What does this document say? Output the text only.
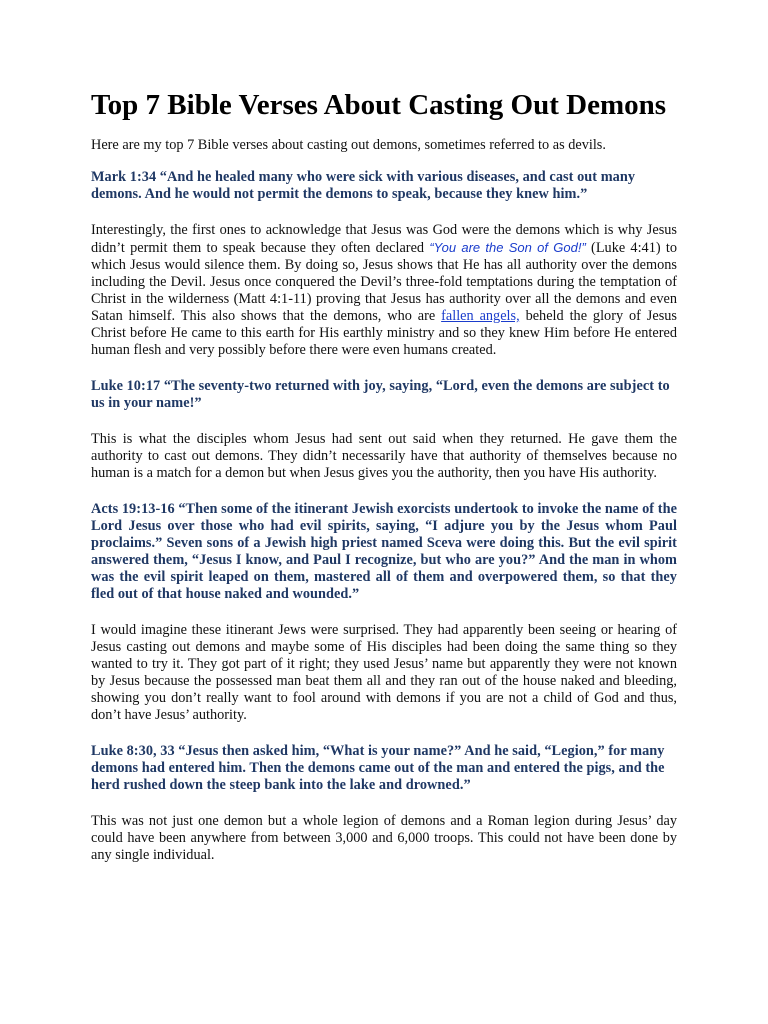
Top 7 Bible Verses About Casting Out Demons

Here are my top 7 Bible verses about casting out demons, sometimes referred to as devils.

Mark 1:34 “And he healed many who were sick with various diseases, and cast out many demons. And he would not permit the demons to speak, because they knew him.”

Interestingly, the first ones to acknowledge that Jesus was God were the demons which is why Jesus didn’t permit them to speak because they often declared “You are the Son of God!” (Luke 4:41) to which Jesus would silence them. By doing so, Jesus shows that He has all authority over the demons including the Devil. Jesus once conquered the Devil’s three-fold temptations during the temptation of Christ in the wilderness (Matt 4:1-11) proving that Jesus has authority over all the demons and even Satan himself. This also shows that the demons, who are fallen angels, beheld the glory of Jesus Christ before He came to this earth for His earthly ministry and so they knew Him before He entered human flesh and very possibly before there were even humans created.

Luke 10:17 “The seventy-two returned with joy, saying, “Lord, even the demons are subject to us in your name!”

This is what the disciples whom Jesus had sent out said when they returned. He gave them the authority to cast out demons. They didn’t necessarily have that authority of themselves because no human is a match for a demon but when Jesus gives you the authority, then you have His authority.

Acts 19:13-16 “Then some of the itinerant Jewish exorcists undertook to invoke the name of the Lord Jesus over those who had evil spirits, saying, “I adjure you by the Jesus whom Paul proclaims.” Seven sons of a Jewish high priest named Sceva were doing this. But the evil spirit answered them, “Jesus I know, and Paul I recognize, but who are you?” And the man in whom was the evil spirit leaped on them, mastered all of them and overpowered them, so that they fled out of that house naked and wounded.”

I would imagine these itinerant Jews were surprised. They had apparently been seeing or hearing of Jesus casting out demons and maybe some of His disciples had been doing the same thing so they wanted to try it. They got part of it right; they used Jesus’ name but apparently they were not known by Jesus because the possessed man beat them all and they ran out of the house naked and bleeding, showing you don’t really want to fool around with demons if you are not a child of God and thus, don’t have Jesus’ authority.

Luke 8:30, 33 “Jesus then asked him, “What is your name?” And he said, “Legion,” for many demons had entered him. Then the demons came out of the man and entered the pigs, and the herd rushed down the steep bank into the lake and drowned.”

This was not just one demon but a whole legion of demons and a Roman legion during Jesus’ day could have been anywhere from between 3,000 and 6,000 troops. This could not have been done by any single individual.
